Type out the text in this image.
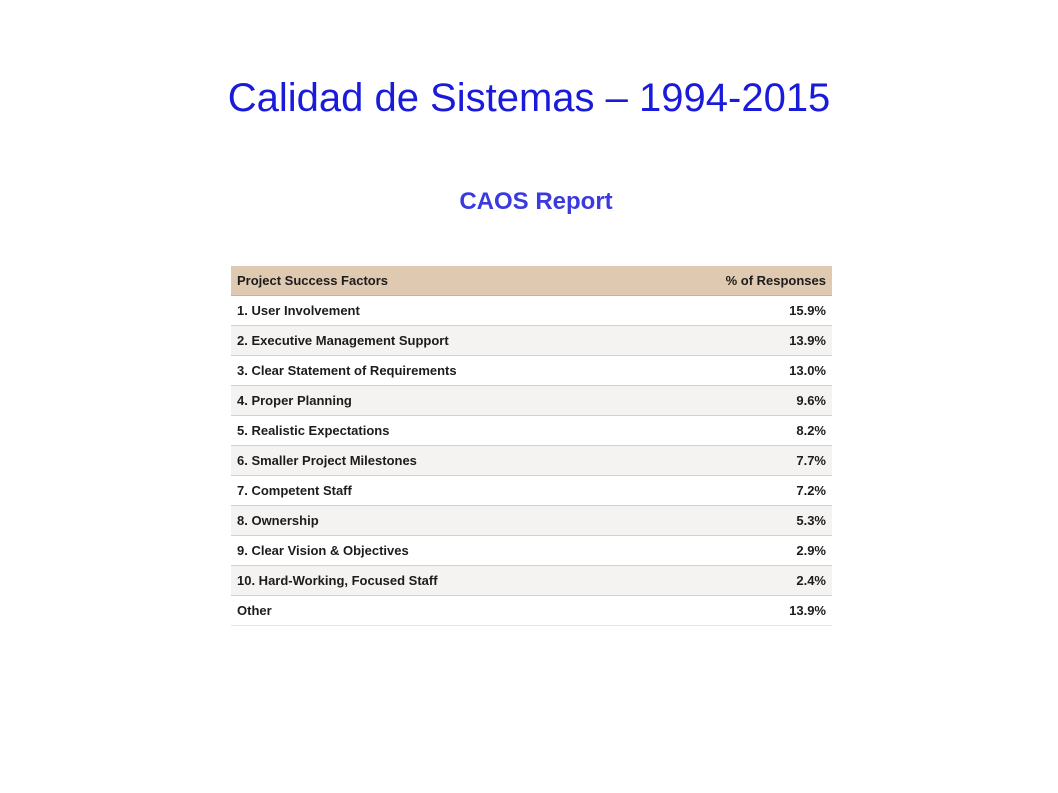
Calidad de Sistemas – 1994-2015
CAOS Report
Project Success Factors	% of Responses
1. User Involvement	15.9%
2. Executive Management Support	13.9%
3. Clear Statement of Requirements	13.0%
4. Proper Planning	9.6%
5. Realistic Expectations	8.2%
6. Smaller Project Milestones	7.7%
7. Competent Staff	7.2%
8. Ownership	5.3%
9. Clear Vision & Objectives	2.9%
10. Hard-Working, Focused Staff	2.4%
Other	13.9%
